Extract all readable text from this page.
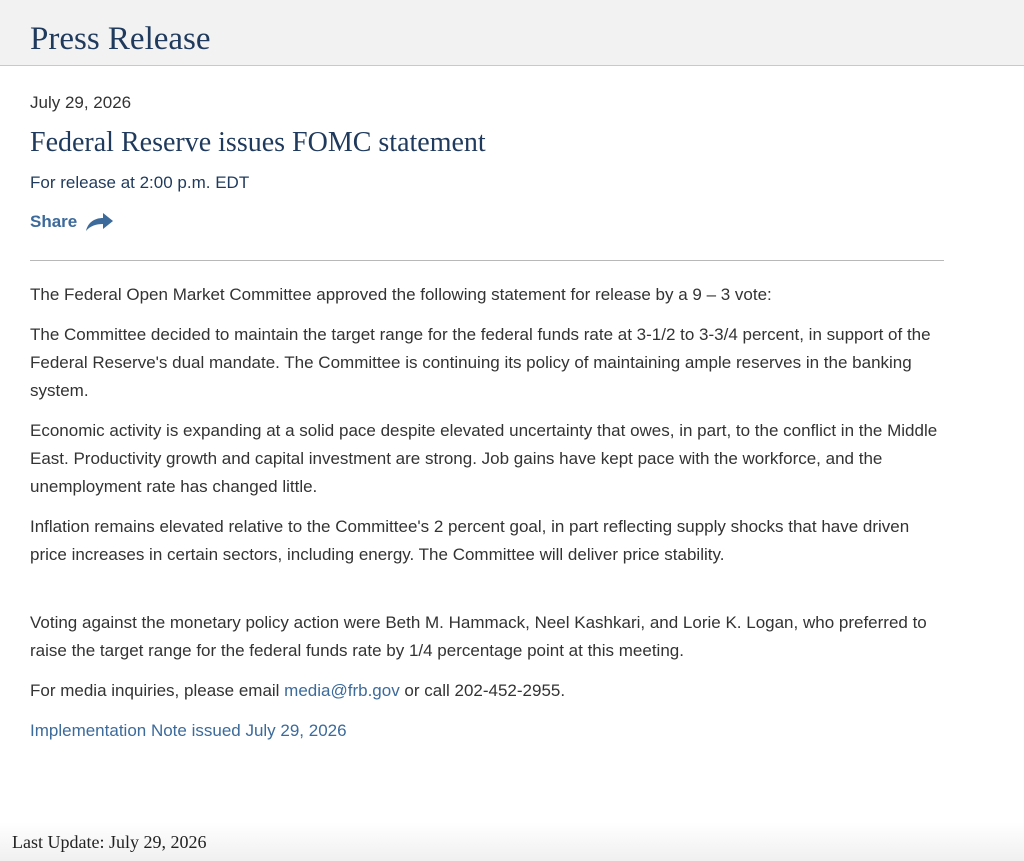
Press Release

July 29, 2026

Federal Reserve issues FOMC statement

For release at 2:00 p.m. EDT

Share

The Federal Open Market Committee approved the following statement for release by a 9 – 3 vote:

The Committee decided to maintain the target range for the federal funds rate at 3-1/2 to 3-3/4 percent, in support of the Federal Reserve's dual mandate. The Committee is continuing its policy of maintaining ample reserves in the banking system.

Economic activity is expanding at a solid pace despite elevated uncertainty that owes, in part, to the conflict in the Middle East. Productivity growth and capital investment are strong. Job gains have kept pace with the workforce, and the unemployment rate has changed little.

Inflation remains elevated relative to the Committee's 2 percent goal, in part reflecting supply shocks that have driven price increases in certain sectors, including energy. The Committee will deliver price stability.

Voting against the monetary policy action were Beth M. Hammack, Neel Kashkari, and Lorie K. Logan, who preferred to raise the target range for the federal funds rate by 1/4 percentage point at this meeting.

For media inquiries, please email media@frb.gov or call 202-452-2955.

Implementation Note issued July 29, 2026

Last Update: July 29, 2026
